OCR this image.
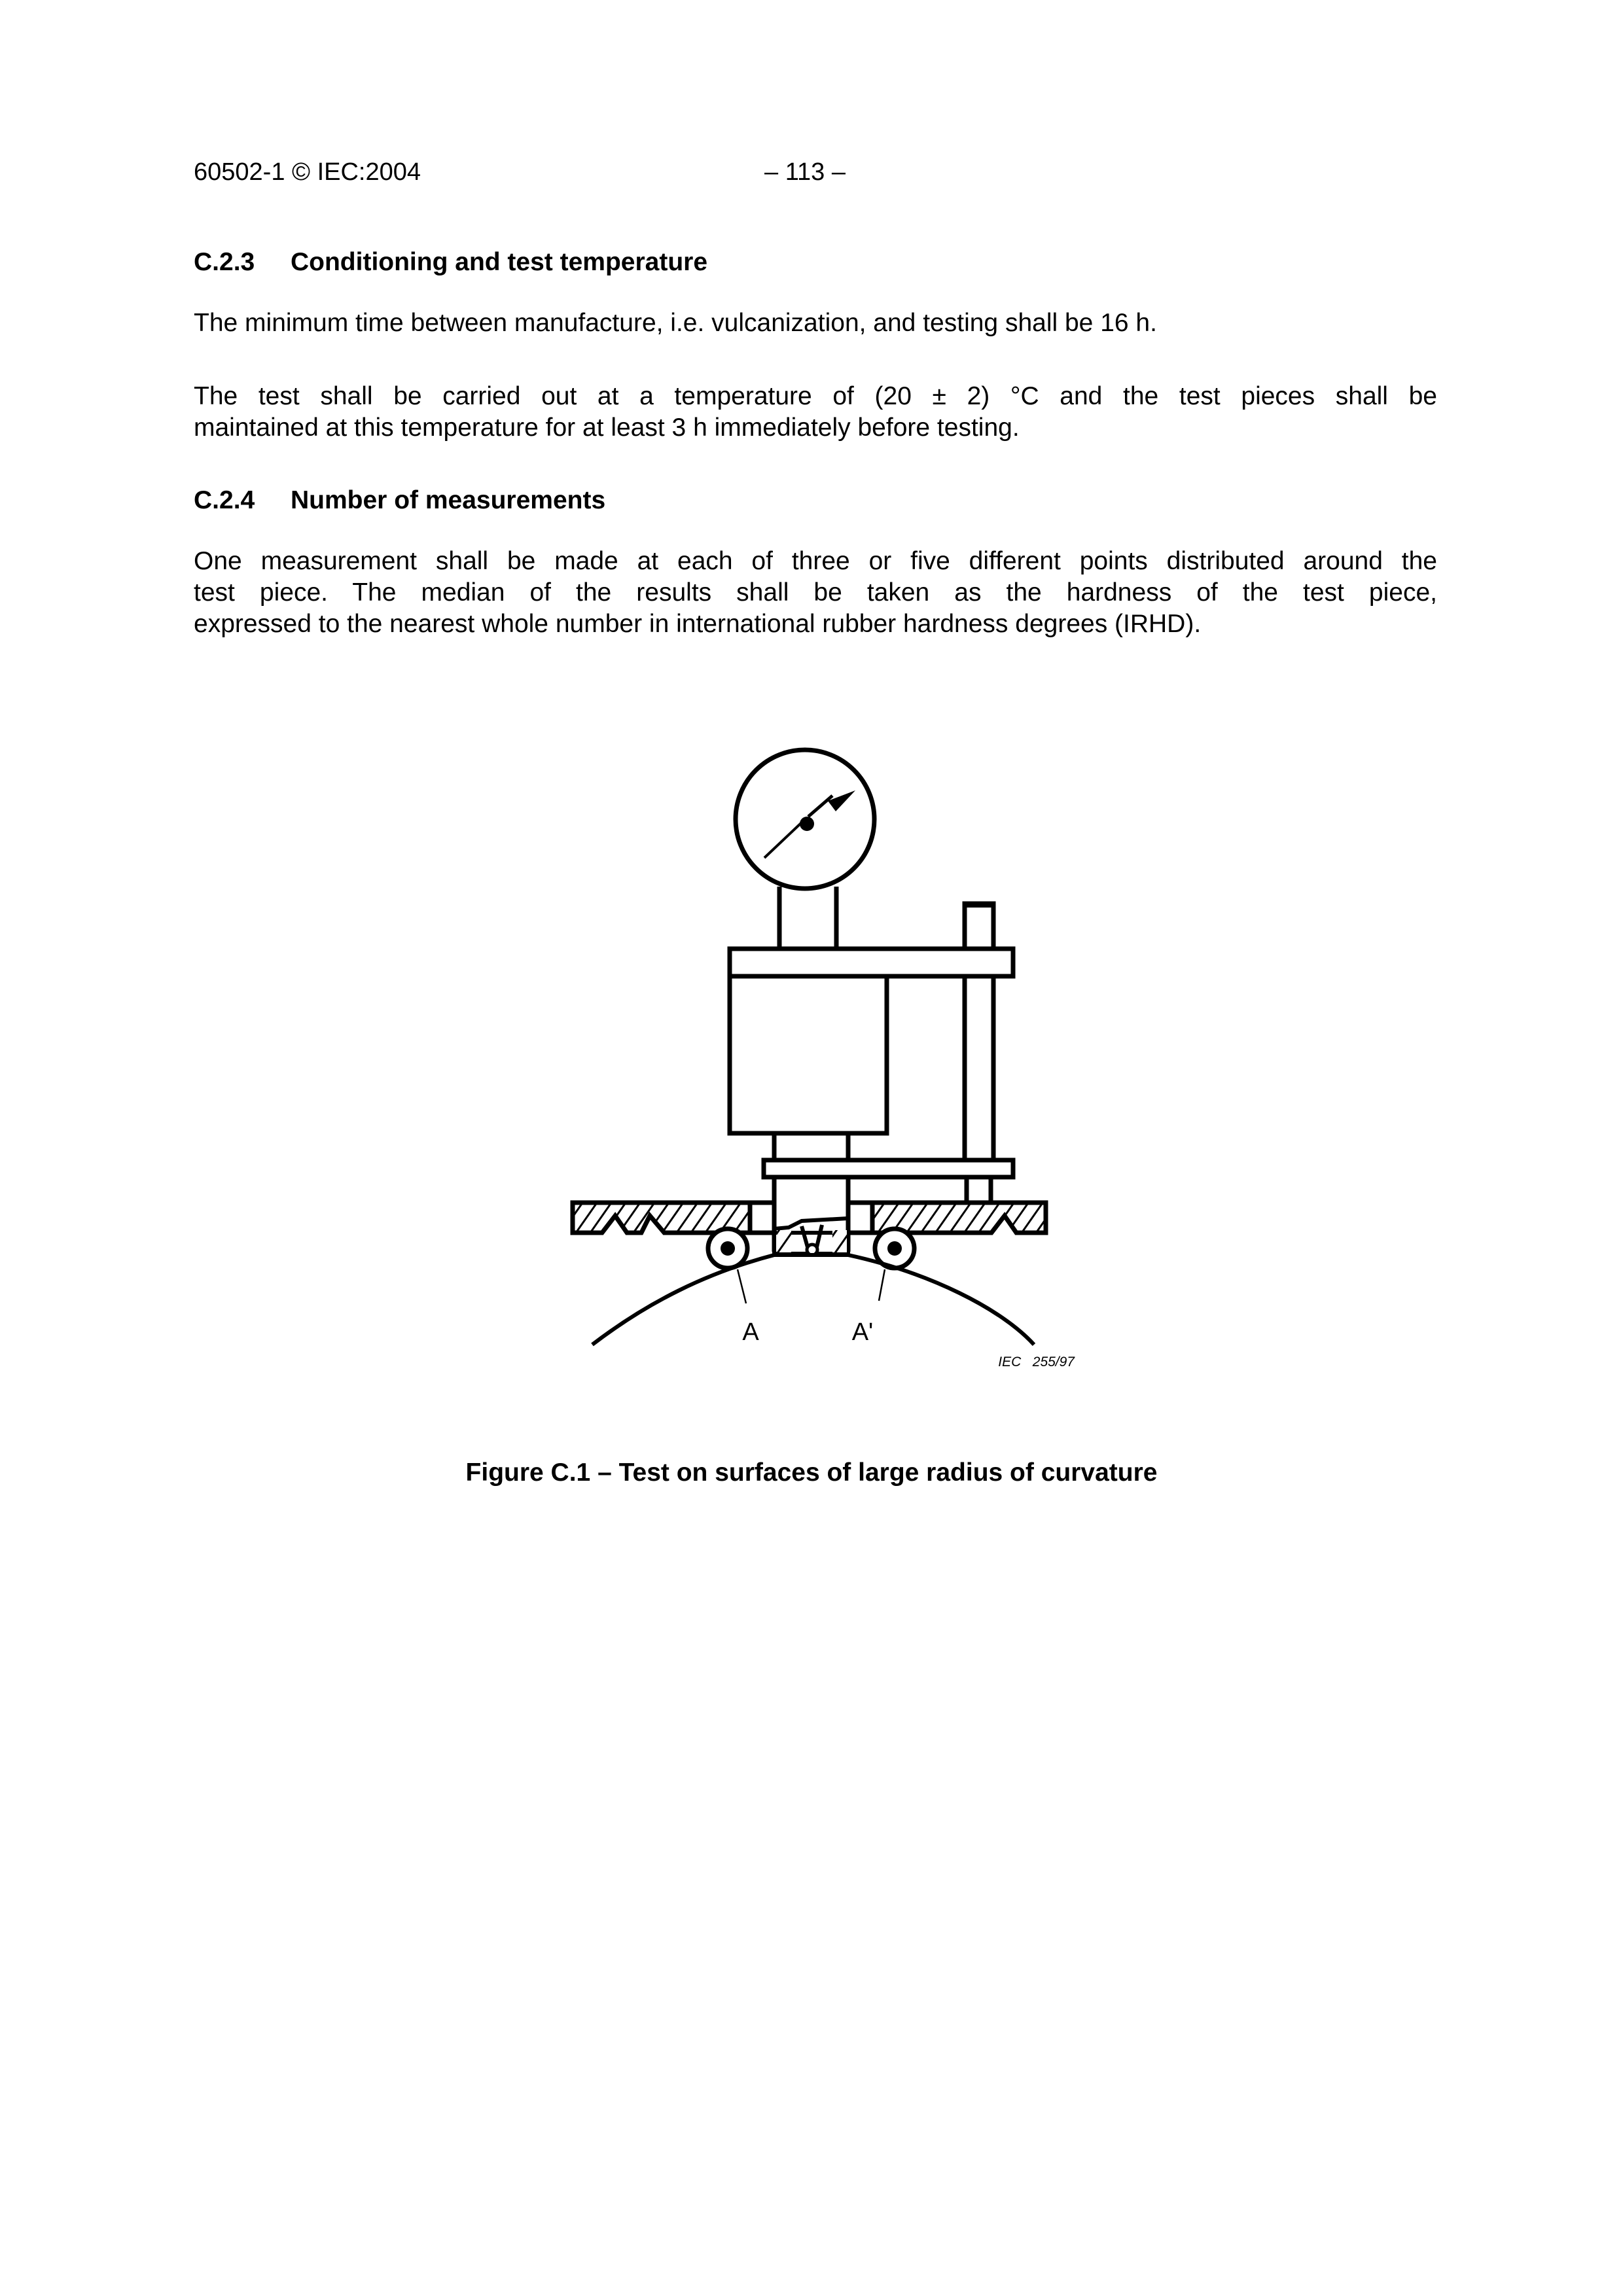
60502-1 © IEC:2004	– 113 –
C.2.3 Conditioning and test temperature
The minimum time between manufacture, i.e. vulcanization, and testing shall be 16 h.
The test shall be carried out at a temperature of (20 ± 2) °C and the test pieces shall be
maintained at this temperature for at least 3 h immediately before testing.
C.2.4 Number of measurements
One measurement shall be made at each of three or five different points distributed around the
test piece. The median of the results shall be taken as the hardness of the test piece,
expressed to the nearest whole number in international rubber hardness degrees (IRHD).
A	A'
IEC   255/97
Figure C.1 – Test on surfaces of large radius of curvature
